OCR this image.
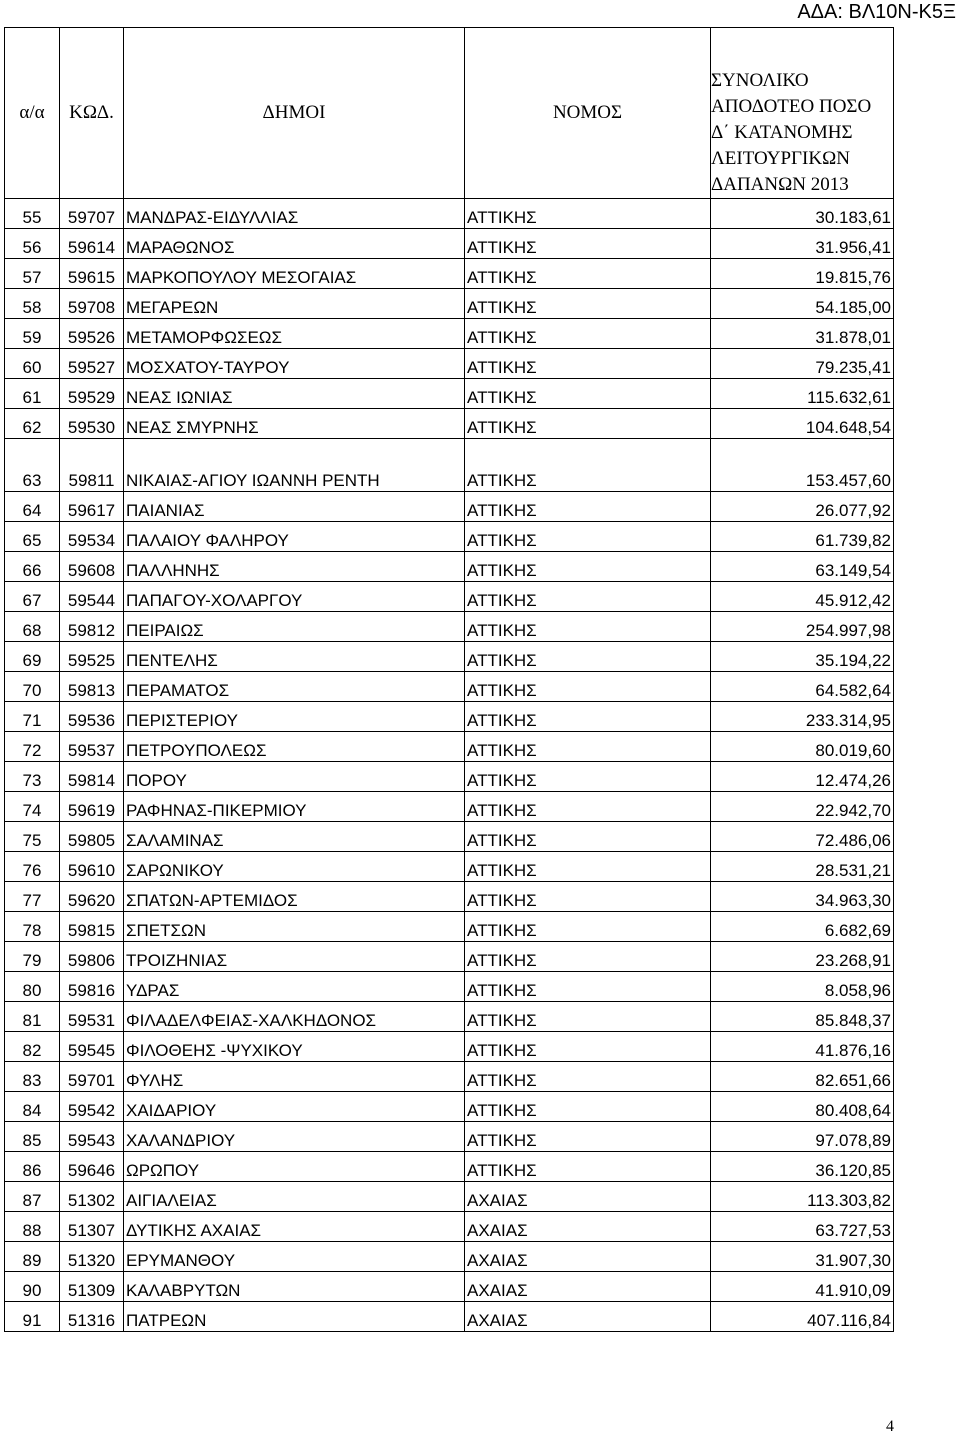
ΑΔΑ: ΒΛ10Ν-Κ5Ξ
α/α	ΚΩΔ.	ΔΗΜΟΙ	ΝΟΜΟΣ	ΣΥΝΟΛΙΚΟ ΑΠΟΔΟΤΕΟ ΠΟΣΟ Δ΄ ΚΑΤΑΝΟΜΗΣ ΛΕΙΤΟΥΡΓΙΚΩΝ ΔΑΠΑΝΩΝ 2013
55	59707	ΜΑΝΔΡΑΣ-ΕΙΔΥΛΛΙΑΣ	ΑΤΤΙΚΗΣ	30.183,61
56	59614	ΜΑΡΑΘΩΝΟΣ	ΑΤΤΙΚΗΣ	31.956,41
57	59615	ΜΑΡΚΟΠΟΥΛΟΥ ΜΕΣΟΓΑΙΑΣ	ΑΤΤΙΚΗΣ	19.815,76
58	59708	ΜΕΓΑΡΕΩΝ	ΑΤΤΙΚΗΣ	54.185,00
59	59526	ΜΕΤΑΜΟΡΦΩΣΕΩΣ	ΑΤΤΙΚΗΣ	31.878,01
60	59527	ΜΟΣΧΑΤΟΥ-ΤΑΥΡΟΥ	ΑΤΤΙΚΗΣ	79.235,41
61	59529	ΝΕΑΣ ΙΩΝΙΑΣ	ΑΤΤΙΚΗΣ	115.632,61
62	59530	ΝΕΑΣ ΣΜΥΡΝΗΣ	ΑΤΤΙΚΗΣ	104.648,54
63	59811	ΝΙΚΑΙΑΣ-ΑΓΙΟΥ ΙΩΑΝΝΗ ΡΕΝΤΗ	ΑΤΤΙΚΗΣ	153.457,60
64	59617	ΠΑΙΑΝΙΑΣ	ΑΤΤΙΚΗΣ	26.077,92
65	59534	ΠΑΛΑΙΟΥ ΦΑΛΗΡΟΥ	ΑΤΤΙΚΗΣ	61.739,82
66	59608	ΠΑΛΛΗΝΗΣ	ΑΤΤΙΚΗΣ	63.149,54
67	59544	ΠΑΠΑΓΟΥ-ΧΟΛΑΡΓΟΥ	ΑΤΤΙΚΗΣ	45.912,42
68	59812	ΠΕΙΡΑΙΩΣ	ΑΤΤΙΚΗΣ	254.997,98
69	59525	ΠΕΝΤΕΛΗΣ	ΑΤΤΙΚΗΣ	35.194,22
70	59813	ΠΕΡΑΜΑΤΟΣ	ΑΤΤΙΚΗΣ	64.582,64
71	59536	ΠΕΡΙΣΤΕΡΙΟΥ	ΑΤΤΙΚΗΣ	233.314,95
72	59537	ΠΕΤΡΟΥΠΟΛΕΩΣ	ΑΤΤΙΚΗΣ	80.019,60
73	59814	ΠΟΡΟΥ	ΑΤΤΙΚΗΣ	12.474,26
74	59619	ΡΑΦΗΝΑΣ-ΠΙΚΕΡΜΙΟΥ	ΑΤΤΙΚΗΣ	22.942,70
75	59805	ΣΑΛΑΜΙΝΑΣ	ΑΤΤΙΚΗΣ	72.486,06
76	59610	ΣΑΡΩΝΙΚΟΥ	ΑΤΤΙΚΗΣ	28.531,21
77	59620	ΣΠΑΤΩΝ-ΑΡΤΕΜΙΔΟΣ	ΑΤΤΙΚΗΣ	34.963,30
78	59815	ΣΠΕΤΣΩΝ	ΑΤΤΙΚΗΣ	6.682,69
79	59806	ΤΡΟΙΖΗΝΙΑΣ	ΑΤΤΙΚΗΣ	23.268,91
80	59816	ΥΔΡΑΣ	ΑΤΤΙΚΗΣ	8.058,96
81	59531	ΦΙΛΑΔΕΛΦΕΙΑΣ-ΧΑΛΚΗΔΟΝΟΣ	ΑΤΤΙΚΗΣ	85.848,37
82	59545	ΦΙΛΟΘΕΗΣ -ΨΥΧΙΚΟΥ	ΑΤΤΙΚΗΣ	41.876,16
83	59701	ΦΥΛΗΣ	ΑΤΤΙΚΗΣ	82.651,66
84	59542	ΧΑΙΔΑΡΙΟΥ	ΑΤΤΙΚΗΣ	80.408,64
85	59543	ΧΑΛΑΝΔΡΙΟΥ	ΑΤΤΙΚΗΣ	97.078,89
86	59646	ΩΡΩΠΟΥ	ΑΤΤΙΚΗΣ	36.120,85
87	51302	ΑΙΓΙΑΛΕΙΑΣ	ΑΧΑΙΑΣ	113.303,82
88	51307	ΔΥΤΙΚΗΣ ΑΧΑΙΑΣ	ΑΧΑΙΑΣ	63.727,53
89	51320	ΕΡΥΜΑΝΘΟΥ	ΑΧΑΙΑΣ	31.907,30
90	51309	ΚΑΛΑΒΡΥΤΩΝ	ΑΧΑΙΑΣ	41.910,09
91	51316	ΠΑΤΡΕΩΝ	ΑΧΑΙΑΣ	407.116,84
4
